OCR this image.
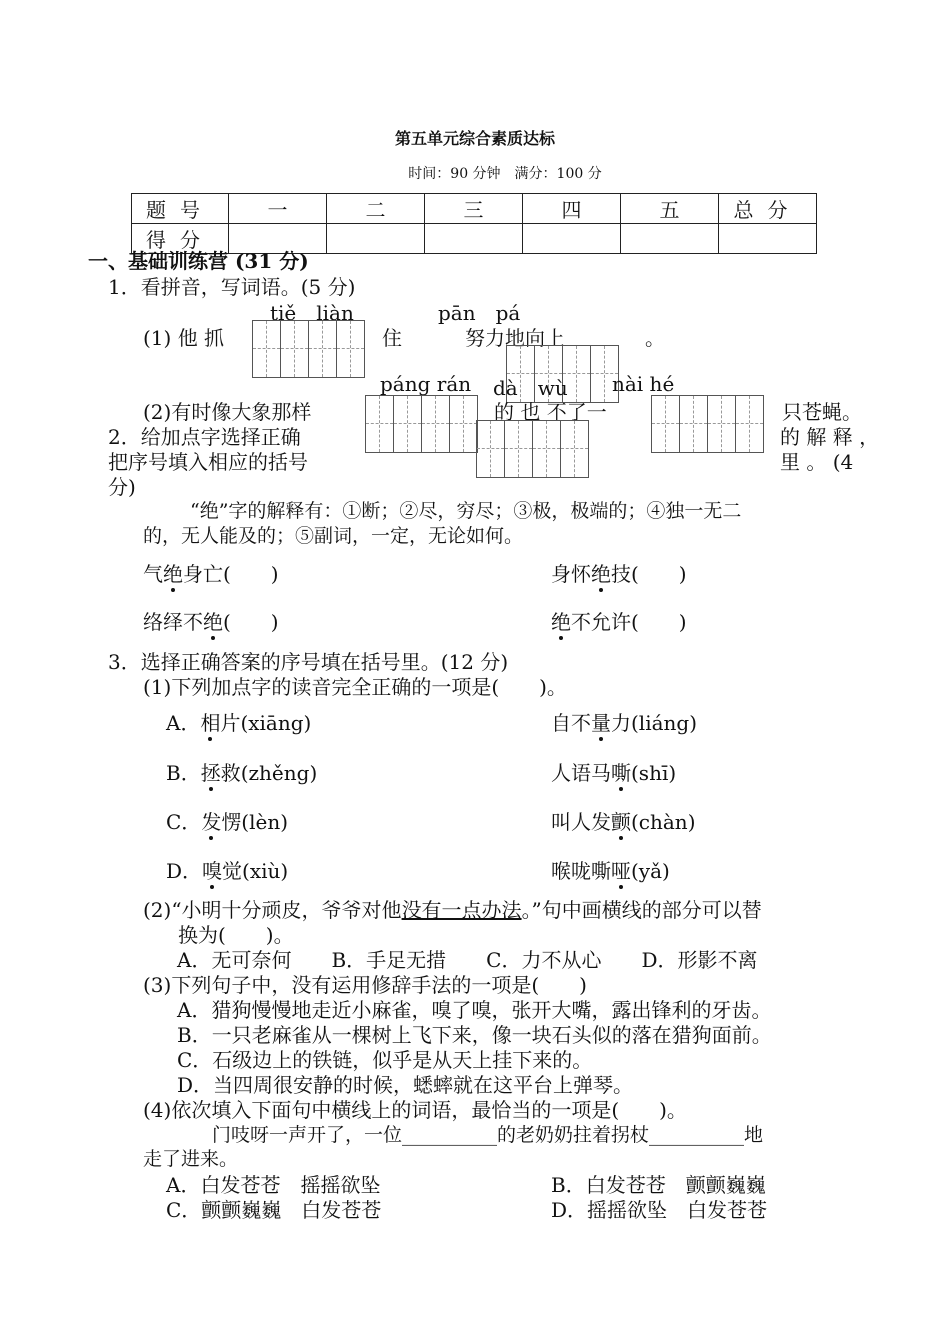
第五单元综合素质达标
时间：90 分钟　满分：100 分
题号	一	二	三	四	五	总分
得分						
一、基础训练营 (31 分)
1．看拼音，写词语。(5 分)
tiě　liàn	pān　pá
(1) 他 抓	住	努力地向上	。
páng rán dà　wù nài hé
(2)有时像大象那样	的 也 不了一	只苍蝇。
2．给加点字选择正确
把序号填入相应的括号
分)
的 解 释 ，
里 。 (4
“绝”字的解释有：①断；②尽，穷尽；③极，极端的；④独一无二
的，无人能及的；⑤副词，一定，无论如何。
气绝身亡(　　)	身怀绝技(　　)
络绎不绝(　　)	绝不允许(　　)
3．选择正确答案的序号填在括号里。(12 分)
(1)下列加点字的读音完全正确的一项是(　　)。
A．相片(xiāng)	自不量力(liáng)
B．拯救(zhěng)	人语马嘶(shī)
C．发愣(lèn)	叫人发颤(chàn)
D．嗅觉(xiù)	喉咙嘶哑(yǎ)
(2)“小明十分顽皮，爷爷对他没有一点办法。”句中画横线的部分可以替
换为(　　)。
A．无可奈何　　B．手足无措　　C．力不从心　　D．形影不离
(3)下列句子中，没有运用修辞手法的一项是(　　)
A．猎狗慢慢地走近小麻雀，嗅了嗅，张开大嘴，露出锋利的牙齿。
B．一只老麻雀从一棵树上飞下来，像一块石头似的落在猎狗面前。
C．石级边上的铁链，似乎是从天上挂下来的。
D．当四周很安静的时候，蟋蟀就在这平台上弹琴。
(4)依次填入下面句中横线上的词语，最恰当的一项是(　　)。
门吱呀一声开了，一位__________的老奶奶拄着拐杖__________地
走了进来。
A．白发苍苍　摇摇欲坠	B．白发苍苍　颤颤巍巍
C．颤颤巍巍　白发苍苍	D．摇摇欲坠　白发苍苍
